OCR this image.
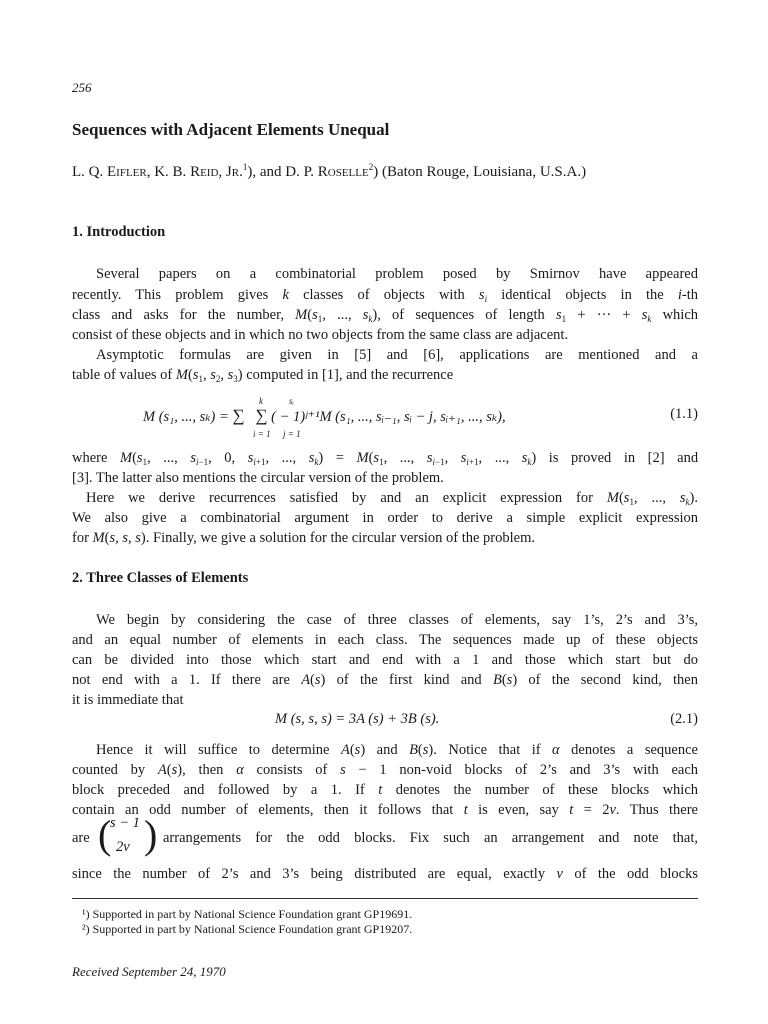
256
Sequences with Adjacent Elements Unequal
L. Q. Eifler, K. B. Reid, Jr.$^1$), and D. P. Roselle$^2$) (Baton Rouge, Louisiana, U.S.A.)
1. Introduction
Several papers on a combinatorial problem posed by Smirnov have appeared
recently. This problem gives k classes of objects with $s_i$ identical objects in the i-th
class and asks for the number, $M(s_1$, ..., $s_k$), of sequences of length $s_1$ + ··· + $s_k$ which
consist of these objects and in which no two objects from the same class are adjacent.
Asymptotic formulas are given in [5] and [6], applications are mentioned and a
table of values of $M(s_1$, $s_2$, $s_3$) computed in [1], and the recurrence
k	sᵢ
M (s₁, ..., sₖ) = ∑ ∑ ( − 1)ʲ⁺¹M (s₁, ..., sᵢ₋₁, sᵢ − j, sᵢ₊₁, ..., sₖ),
i = 1 j = 1
(1.1)
where $M(s_1$, ..., $s_{i-1}$, 0, $s_{i+1}$, ..., $s_k) = M(s_1$, ..., $s_{i-1}$, $s_{i+1}$, ..., $s_k$) is proved in [2] and
[3]. The latter also mentions the circular version of the problem.
Here we derive recurrences satisfied by and an explicit expression for $M(s_1$, ..., $s_k$).
We also give a combinatorial argument in order to derive a simple explicit expression
for M(s, s, s). Finally, we give a solution for the circular version of the problem.
2. Three Classes of Elements
We begin by considering the case of three classes of elements, say 1’s, 2’s and 3’s,
and an equal number of elements in each class. The sequences made up of these objects
can be divided into those which start and end with a 1 and those which start but do
not end with a 1. If there are A(s) of the first kind and B(s) of the second kind, then
it is immediate that
M (s, s, s) = 3A (s) + 3B (s).	(2.1)
Hence it will suffice to determine A(s) and B(s). Notice that if α denotes a sequence
counted by A(s), then α consists of s − 1 non-void blocks of 2’s and 3’s with each
block preceded and followed by a 1. If t denotes the number of these blocks which
contain an odd number of elements, then it follows that t is even, say t = 2v. Thus there
are (
s − 1
2v ) arrangements for the odd blocks. Fix such an arrangement and note that,
since the number of 2’s and 3’s being distributed are equal, exactly v of the odd blocks
¹) Supported in part by National Science Foundation grant GP19691.
²) Supported in part by National Science Foundation grant GP19207.
Received September 24, 1970
